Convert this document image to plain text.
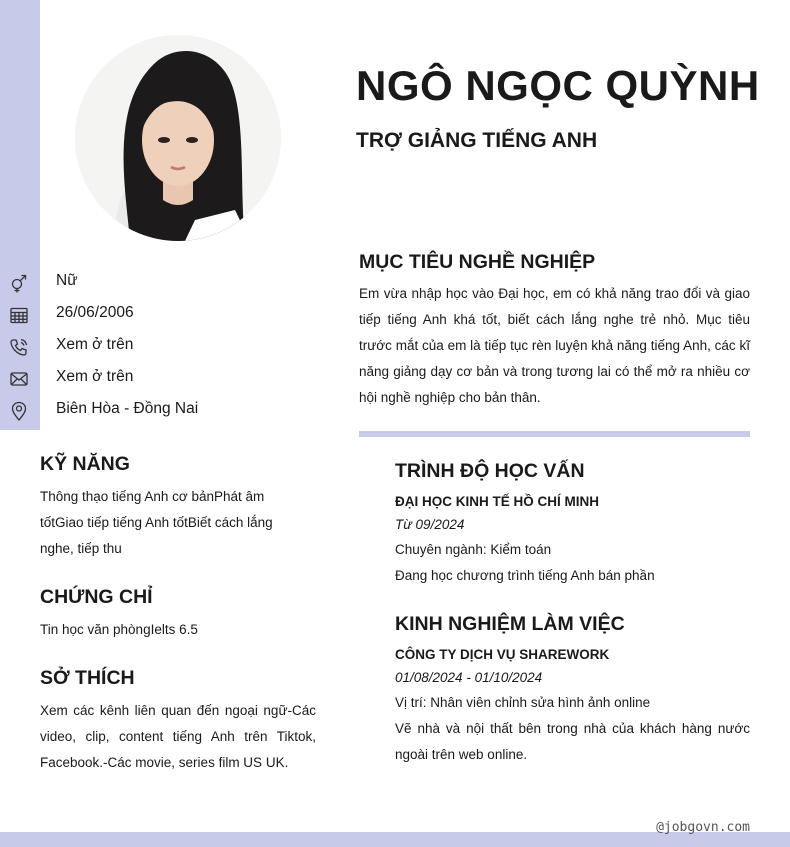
NGÔ NGỌC QUỲNH
TRỢ GIẢNG TIẾNG ANH
Nữ
26/06/2006
Xem ở trên
Xem ở trên
Biên Hòa - Đồng Nai
MỤC TIÊU NGHỀ NGHIỆP
Em vừa nhập học vào Đại học, em có khả năng trao đổi và giao tiếp tiếng Anh khá tốt, biết cách lắng nghe trẻ nhỏ. Mục tiêu trước mắt của em là tiếp tục rèn luyện khả năng tiếng Anh, các kĩ năng giảng dạy cơ bản và trong tương lai có thể mở ra nhiều cơ hội nghề nghiệp cho bản thân.
KỸ NĂNG
Thông thạo tiếng Anh cơ bảnPhát âm tốtGiao tiếp tiếng Anh tốtBiết cách lắng nghe, tiếp thu
CHỨNG CHỈ
Tin học văn phòngIelts 6.5
SỞ THÍCH
Xem các kênh liên quan đến ngoại ngữ-Các video, clip, content tiếng Anh trên Tiktok, Facebook.-Các movie, series film US UK.
TRÌNH ĐỘ HỌC VẤN
ĐẠI HỌC KINH TẾ HỒ CHÍ MINH
Từ 09/2024
Chuyên ngành: Kiểm toán
Đang học chương trình tiếng Anh bán phần
KINH NGHIỆM LÀM VIỆC
CÔNG TY DỊCH VỤ SHAREWORK
01/08/2024 - 01/10/2024
Vị trí: Nhân viên chỉnh sửa hình ảnh online
Vẽ nhà và nội thất bên trong nhà của khách hàng nước ngoài trên web online.
@jobgovn.com
